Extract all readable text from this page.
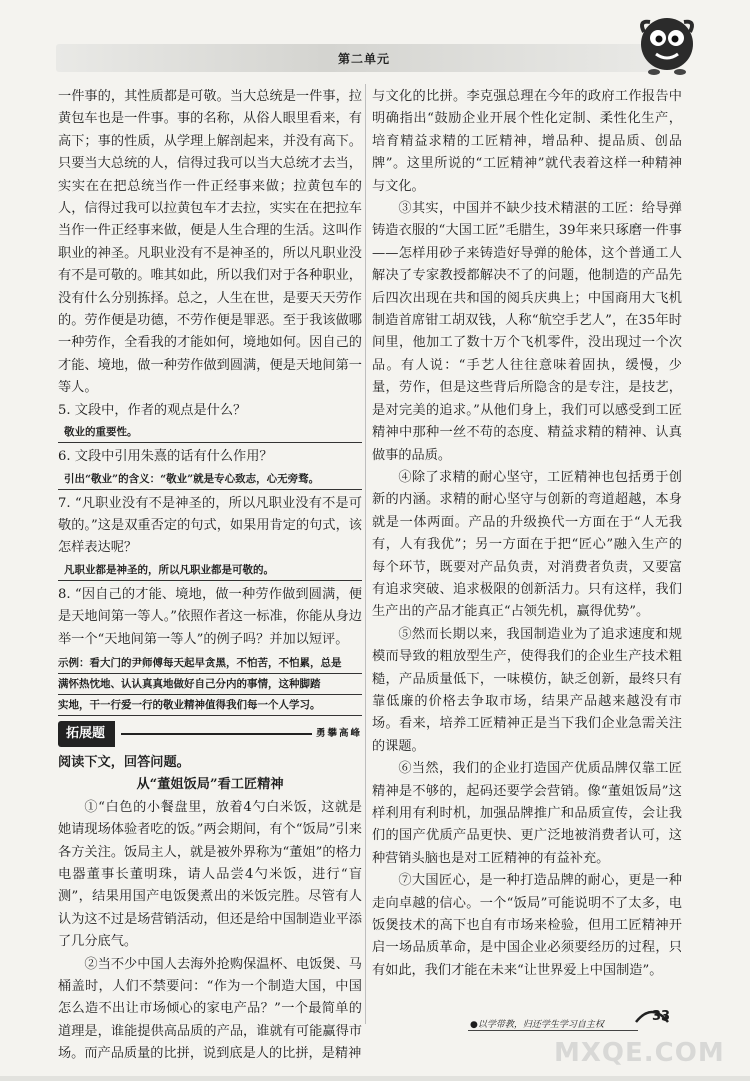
第二单元

一件事的，其性质都是可敬。当大总统是一件事，拉黄包车也是一件事。事的名称，从俗人眼里看来，有高下；事的性质，从学理上解剖起来，并没有高下。只要当大总统的人，信得过我可以当大总统才去当，实实在在把总统当作一件正经事来做；拉黄包车的人，信得过我可以拉黄包车才去拉，实实在在把拉车当作一件正经事来做，便是人生合理的生活。这叫作职业的神圣。凡职业没有不是神圣的，所以凡职业没有不是可敬的。唯其如此，所以我们对于各种职业，没有什么分别拣择。总之，人生在世，是要天天劳作的。劳作便是功德，不劳作便是罪恶。至于我该做哪一种劳作，全看我的才能如何，境地如何。因自己的才能、境地，做一种劳作做到圆满，便是天地间第一等人。

5. 文段中，作者的观点是什么？

敬业的重要性。

6. 文段中引用朱熹的话有什么作用？

引出“敬业”的含义：“敬业”就是专心致志，心无旁骛。

7. “凡职业没有不是神圣的，所以凡职业没有不是可敬的。”这是双重否定的句式，如果用肯定的句式，该怎样表达呢？

凡职业都是神圣的，所以凡职业都是可敬的。

8. “因自己的才能、境地，做一种劳作做到圆满，便是天地间第一等人。”依照作者这一标准，你能从身边举一个“天地间第一等人”的例子吗？并加以短评。

示例：看大门的尹师傅每天起早贪黑，不怕苦，不怕累，总是
满怀热忱地、认认真真地做好自己分内的事情，这种脚踏
实地，干一行爱一行的敬业精神值得我们每一个人学习。
拓展题	勇攀高峰

阅读下文，回答问题。

从“董姐饭局”看工匠精神

①“白色的小餐盘里，放着4勺白米饭，这就是她请现场体验者吃的饭。”两会期间，有个“饭局”引来各方关注。饭局主人，就是被外界称为“董姐”的格力电器董事长董明珠，请人品尝4勺米饭，进行“盲测”，结果用国产电饭煲煮出的米饭完胜。尽管有人认为这不过是场营销活动，但还是给中国制造业平添了几分底气。

②当不少中国人去海外抢购保温杯、电饭煲、马桶盖时，人们不禁要问：“作为一个制造大国，中国怎么造不出让市场倾心的家电产品？”一个最简单的道理是，谁能提供高品质的产品，谁就有可能赢得市场。而产品质量的比拼，说到底是人的比拼，是精神

与文化的比拼。李克强总理在今年的政府工作报告中明确指出“鼓励企业开展个性化定制、柔性化生产，培育精益求精的工匠精神，增品种、提品质、创品牌”。这里所说的“工匠精神”就代表着这样一种精神与文化。

③其实，中国并不缺少技术精湛的工匠：给导弹铸造衣服的“大国工匠”毛腊生，39年来只琢磨一件事——怎样用砂子来铸造好导弹的舱体，这个普通工人解决了专家教授都解决不了的问题，他制造的产品先后四次出现在共和国的阅兵庆典上；中国商用大飞机制造首席钳工胡双钱，人称“航空手艺人”，在35年时间里，他加工了数十万个飞机零件，没出现过一个次品。有人说：“手艺人往往意味着固执，缓慢，少量，劳作，但是这些背后所隐含的是专注，是技艺，是对完美的追求。”从他们身上，我们可以感受到工匠精神中那种一丝不苟的态度、精益求精的精神、认真做事的品质。

④除了求精的耐心坚守，工匠精神也包括勇于创新的内涵。求精的耐心坚守与创新的弯道超越，本身就是一体两面。产品的升级换代一方面在于“人无我有，人有我优”；另一方面在于把“匠心”融入生产的每个环节，既要对产品负责，对消费者负责，又要富有追求突破、追求极限的创新活力。只有这样，我们生产出的产品才能真正“占领先机，赢得优势”。

⑤然而长期以来，我国制造业为了追求速度和规模而导致的粗放型生产，使得我们的企业生产技术粗糙，产品质量低下，一味模仿，缺乏创新，最终只有靠低廉的价格去争取市场，结果产品越来越没有市场。看来，培养工匠精神正是当下我们企业急需关注的课题。

⑥当然，我们的企业打造国产优质品牌仅靠工匠精神是不够的，起码还要学会营销。像“董姐饭局”这样利用有利时机，加强品牌推广和品质宣传，会让我们的国产优质产品更快、更广泛地被消费者认可，这种营销头脑也是对工匠精神的有益补充。

⑦大国匠心，是一种打造品牌的耐心，更是一种走向卓越的信心。一个“饭局”可能说明不了太多，电饭煲技术的高下也自有市场来检验，但用工匠精神开启一场品质革命，是中国企业必须要经历的过程，只有如此，我们才能在未来“让世界爱上中国制造”。

●以学带教，归还学生学习自主权
33
MXQE.COM
